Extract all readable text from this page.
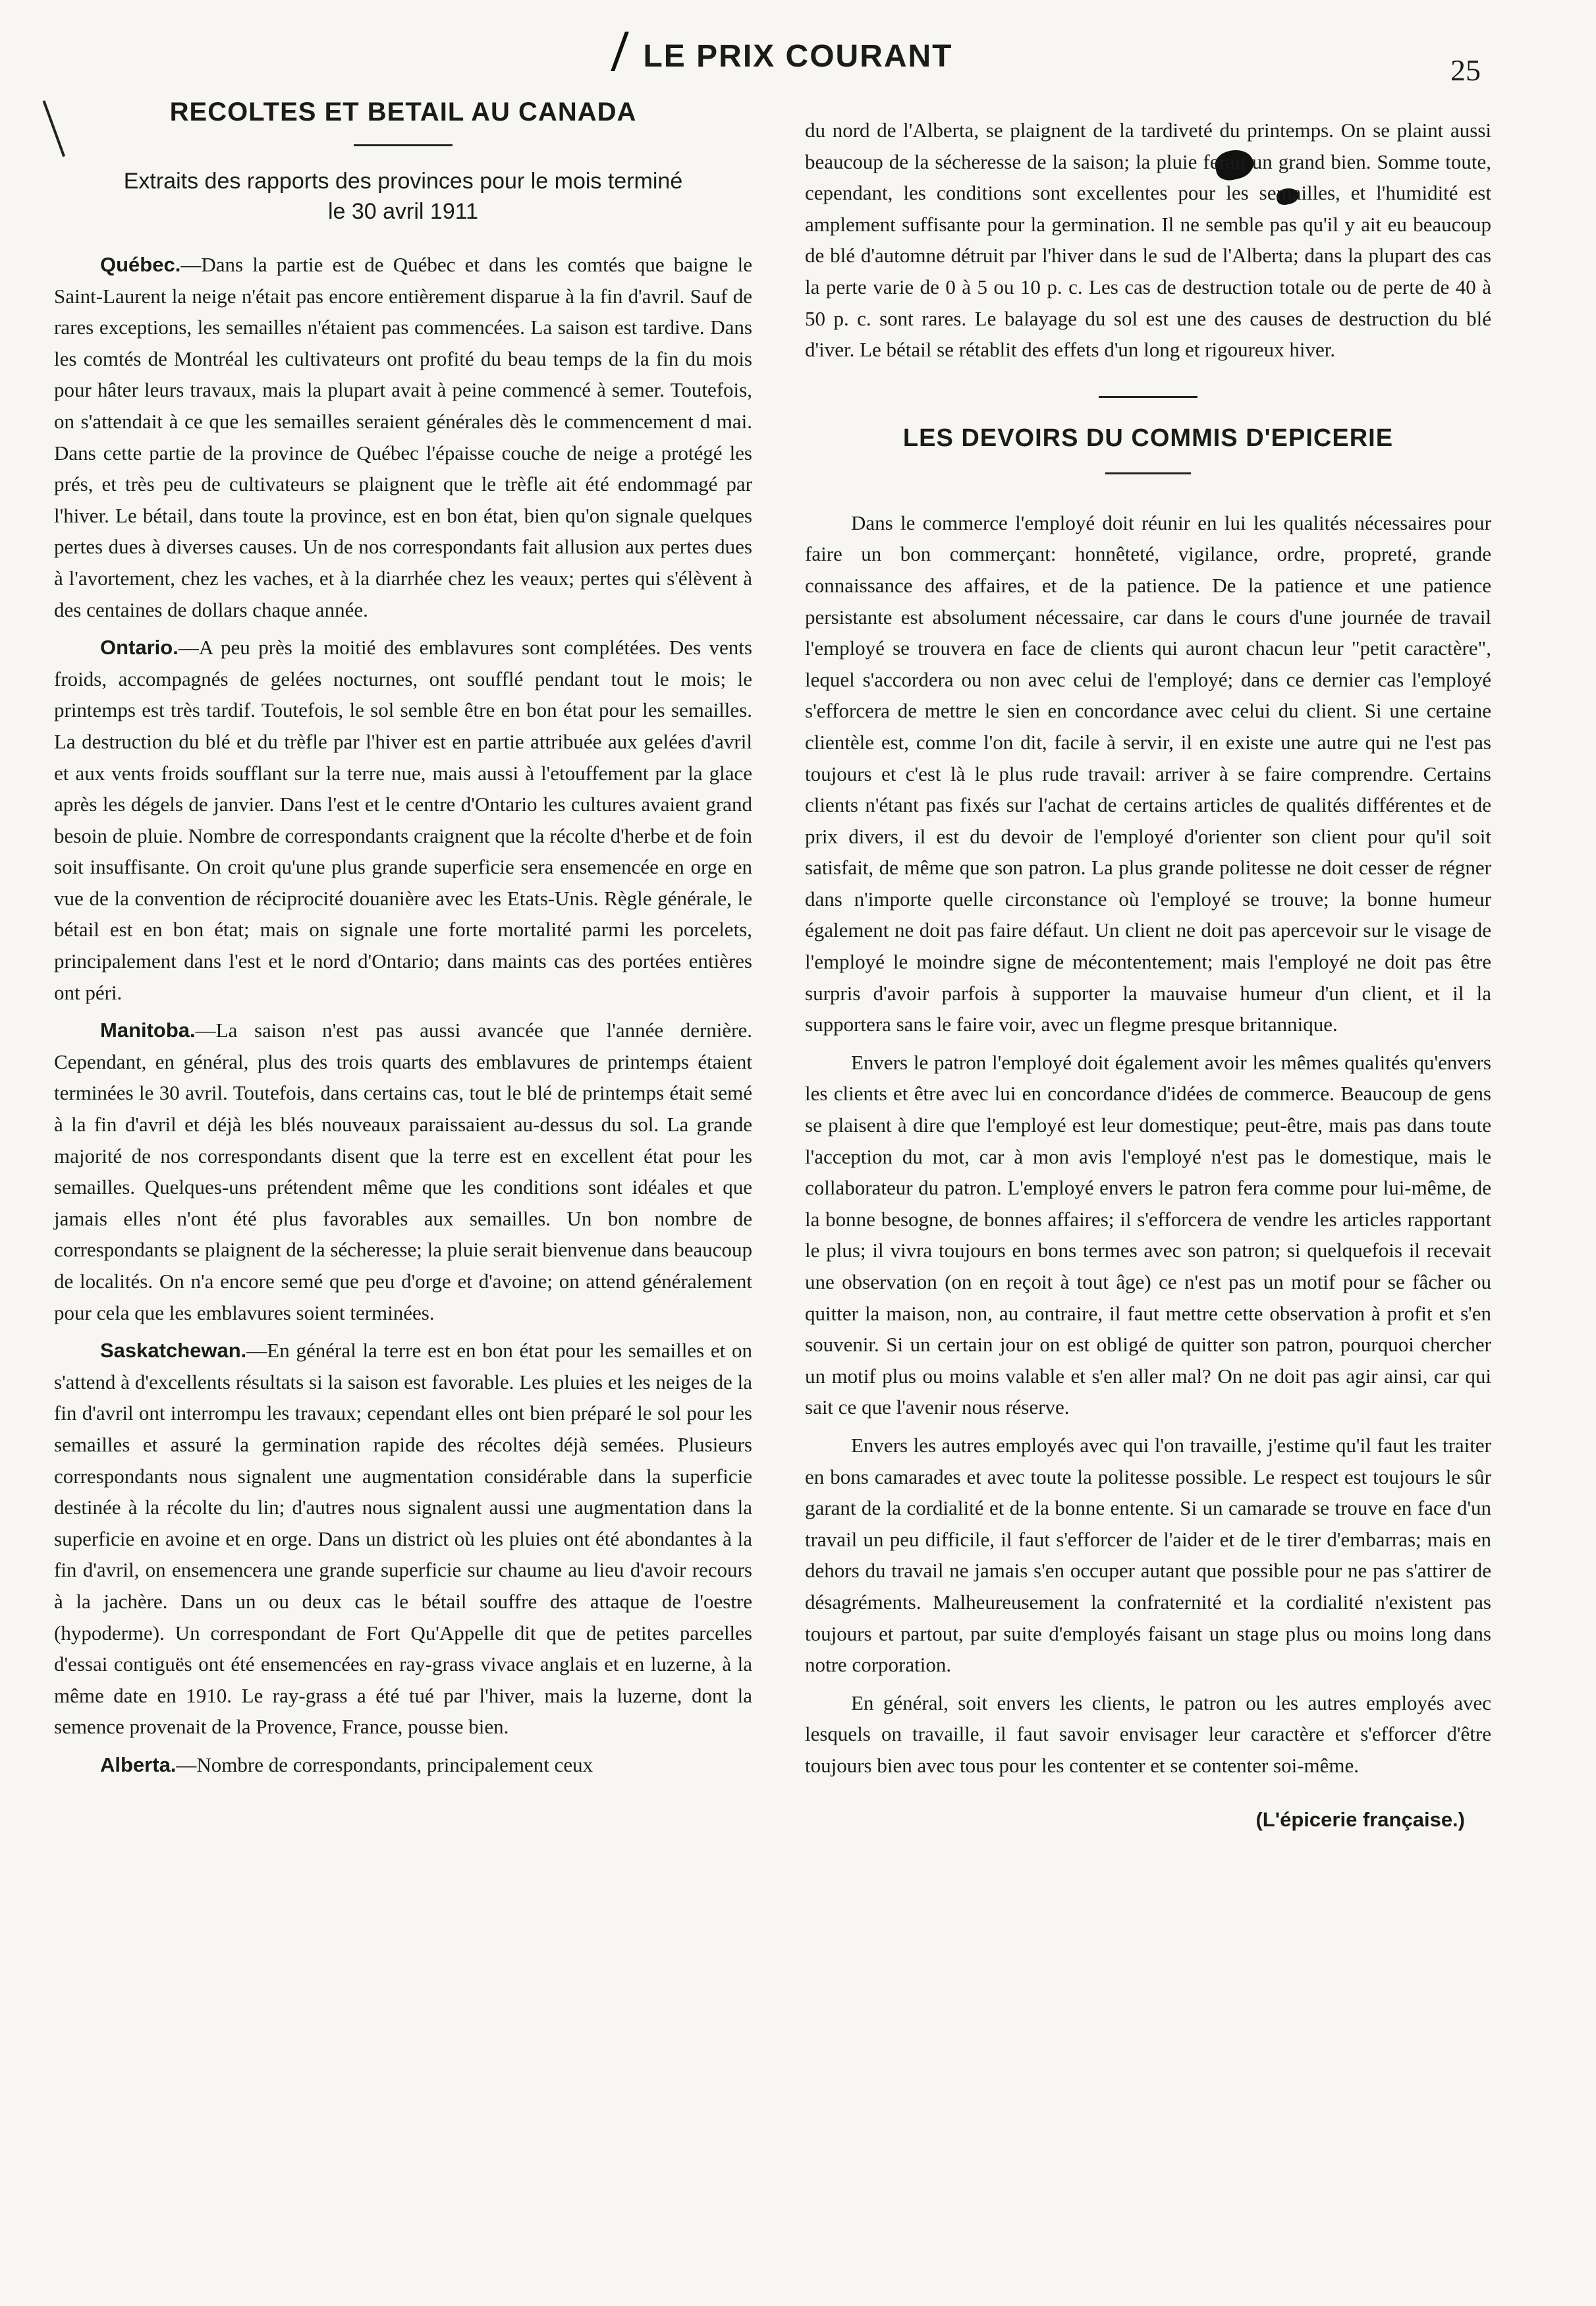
LE PRIX COURANT	25
RECOLTES ET BETAIL AU CANADA
Extraits des rapports des provinces pour le mois terminé
le 30 avril 1911

Québec.—Dans la partie est de Québec et dans les comtés que baigne le Saint-Laurent la neige n'était pas encore entièrement disparue à la fin d'avril. Sauf de rares exceptions, les semailles n'étaient pas commencées. La saison est tardive. Dans les comtés de Montréal les cultivateurs ont profité du beau temps de la fin du mois pour hâter leurs travaux, mais la plupart avait à peine commencé à semer. Toutefois, on s'attendait à ce que les semailles seraient générales dès le commencement d mai. Dans cette partie de la province de Québec l'épaisse couche de neige a protégé les prés, et très peu de cultivateurs se plaignent que le trèfle ait été endommagé par l'hiver. Le bétail, dans toute la province, est en bon état, bien qu'on signale quelques pertes dues à diverses causes. Un de nos correspondants fait allusion aux pertes dues à l'avortement, chez les vaches, et à la diarrhée chez les veaux; pertes qui s'élèvent à des centaines de dollars chaque année.

Ontario.—A peu près la moitié des emblavures sont complétées. Des vents froids, accompagnés de gelées nocturnes, ont soufflé pendant tout le mois; le printemps est très tardif. Toutefois, le sol semble être en bon état pour les semailles. La destruction du blé et du trèfle par l'hiver est en partie attribuée aux gelées d'avril et aux vents froids soufflant sur la terre nue, mais aussi à l'etouffement par la glace après les dégels de janvier. Dans l'est et le centre d'Ontario les cultures avaient grand besoin de pluie. Nombre de correspondants craignent que la récolte d'herbe et de foin soit insuffisante. On croit qu'une plus grande superficie sera ensemencée en orge en vue de la convention de réciprocité douanière avec les Etats-Unis. Règle générale, le bétail est en bon état; mais on signale une forte mortalité parmi les porcelets, principalement dans l'est et le nord d'Ontario; dans maints cas des portées entières ont péri.

Manitoba.—La saison n'est pas aussi avancée que l'année dernière. Cependant, en général, plus des trois quarts des emblavures de printemps étaient terminées le 30 avril. Toutefois, dans certains cas, tout le blé de printemps était semé à la fin d'avril et déjà les blés nouveaux paraissaient au-dessus du sol. La grande majorité de nos correspondants disent que la terre est en excellent état pour les semailles. Quelques-uns prétendent même que les conditions sont idéales et que jamais elles n'ont été plus favorables aux semailles. Un bon nombre de correspondants se plaignent de la sécheresse; la pluie serait bienvenue dans beaucoup de localités. On n'a encore semé que peu d'orge et d'avoine; on attend généralement pour cela que les emblavures soient terminées.

Saskatchewan.—En général la terre est en bon état pour les semailles et on s'attend à d'excellents résultats si la saison est favorable. Les pluies et les neiges de la fin d'avril ont interrompu les travaux; cependant elles ont bien préparé le sol pour les semailles et assuré la germination rapide des récoltes déjà semées. Plusieurs correspondants nous signalent une augmentation considérable dans la superficie destinée à la récolte du lin; d'autres nous signalent aussi une augmentation dans la superficie en avoine et en orge. Dans un district où les pluies ont été abondantes à la fin d'avril, on ensemencera une grande superficie sur chaume au lieu d'avoir recours à la jachère. Dans un ou deux cas le bétail souffre des attaque de l'oestre (hypoderme). Un correspondant de Fort Qu'Appelle dit que de petites parcelles d'essai contiguës ont été ensemencées en ray-grass vivace anglais et en luzerne, à la même date en 1910. Le ray-grass a été tué par l'hiver, mais la luzerne, dont la semence provenait de la Provence, France, pousse bien.

Alberta.—Nombre de correspondants, principalement ceux

du nord de l'Alberta, se plaignent de la tardiveté du printemps. On se plaint aussi beaucoup de la sécheresse de la saison; la pluie ferait un grand bien. Somme toute, cependant, les conditions sont excellentes pour les semailles, et l'humidité est amplement suffisante pour la germination. Il ne semble pas qu'il y ait eu beaucoup de blé d'automne détruit par l'hiver dans le sud de l'Alberta; dans la plupart des cas la perte varie de 0 à 5 ou 10 p. c. Les cas de destruction totale ou de perte de 40 à 50 p. c. sont rares. Le balayage du sol est une des causes de destruction du blé d'iver. Le bétail se rétablit des effets d'un long et rigoureux hiver.

LES DEVOIRS DU COMMIS D'EPICERIE

Dans le commerce l'employé doit réunir en lui les qualités nécessaires pour faire un bon commerçant: honnêteté, vigilance, ordre, propreté, grande connaissance des affaires, et de la patience. De la patience et une patience persistante est absolument nécessaire, car dans le cours d'une journée de travail l'employé se trouvera en face de clients qui auront chacun leur "petit caractère", lequel s'accordera ou non avec celui de l'employé; dans ce dernier cas l'employé s'efforcera de mettre le sien en concordance avec celui du client. Si une certaine clientèle est, comme l'on dit, facile à servir, il en existe une autre qui ne l'est pas toujours et c'est là le plus rude travail: arriver à se faire comprendre. Certains clients n'étant pas fixés sur l'achat de certains articles de qualités différentes et de prix divers, il est du devoir de l'employé d'orienter son client pour qu'il soit satisfait, de même que son patron. La plus grande politesse ne doit cesser de régner dans n'importe quelle circonstance où l'employé se trouve; la bonne humeur également ne doit pas faire défaut. Un client ne doit pas apercevoir sur le visage de l'employé le moindre signe de mécontentement; mais l'employé ne doit pas être surpris d'avoir parfois à supporter la mauvaise humeur d'un client, et il la supportera sans le faire voir, avec un flegme presque britannique.

Envers le patron l'employé doit également avoir les mêmes qualités qu'envers les clients et être avec lui en concordance d'idées de commerce. Beaucoup de gens se plaisent à dire que l'employé est leur domestique; peut-être, mais pas dans toute l'acception du mot, car à mon avis l'employé n'est pas le domestique, mais le collaborateur du patron. L'employé envers le patron fera comme pour lui-même, de la bonne besogne, de bonnes affaires; il s'efforcera de vendre les articles rapportant le plus; il vivra toujours en bons termes avec son patron; si quelquefois il recevait une observation (on en reçoit à tout âge) ce n'est pas un motif pour se fâcher ou quitter la maison, non, au contraire, il faut mettre cette observation à profit et s'en souvenir. Si un certain jour on est obligé de quitter son patron, pourquoi chercher un motif plus ou moins valable et s'en aller mal? On ne doit pas agir ainsi, car qui sait ce que l'avenir nous réserve.

Envers les autres employés avec qui l'on travaille, j'estime qu'il faut les traiter en bons camarades et avec toute la politesse possible. Le respect est toujours le sûr garant de la cordialité et de la bonne entente. Si un camarade se trouve en face d'un travail un peu difficile, il faut s'efforcer de l'aider et de le tirer d'embarras; mais en dehors du travail ne jamais s'en occuper autant que possible pour ne pas s'attirer de désagréments. Malheureusement la confraternité et la cordialité n'existent pas toujours et partout, par suite d'employés faisant un stage plus ou moins long dans notre corporation.

En général, soit envers les clients, le patron ou les autres employés avec lesquels on travaille, il faut savoir envisager leur caractère et s'efforcer d'être toujours bien avec tous pour les contenter et se contenter soi-même.

(L'épicerie française.)
